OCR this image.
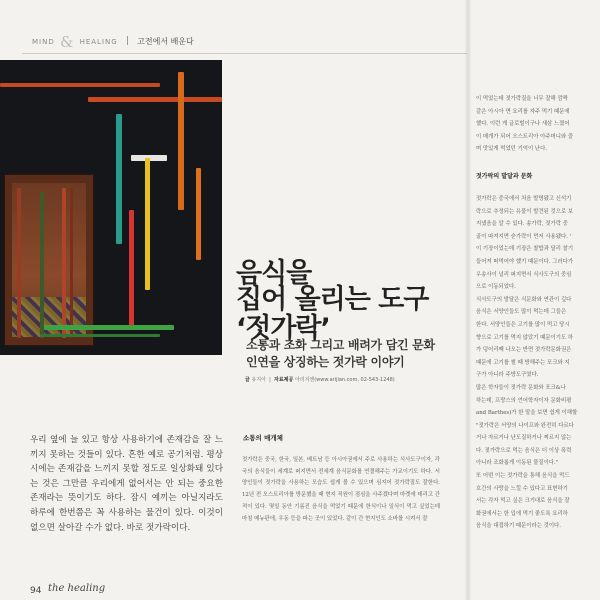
MIND & HEALING 고전에서 배운다
음식을
집어 올리는 도구
‘젓가락’
소통과 조화 그리고 배려가 담긴 문화
인연을 상징하는 젓가락 이야기
글 유지아  |  자료제공 아리지엔(www.arijian.com, 02-543-1248)

우리 옆에 늘 있고 항상 사용하기에 존재감을 잘 느끼지 못하는 것들이 있다. 흔한 예로 공기처럼. 평상시에는 존재감을 느끼지 못할 정도로 일상화돼 있다는 것은 그만큼 우리에게 없어서는 안 되는 중요한 존재라는 뜻이기도 하다. 잠시 예끼는 아닐지라도 하루에 한번쯤은 꼭 사용하는 물건이 있다. 이것이 없으면 살아갈 수가 없다. 바로 젓가락이다.

소통의 매개체

젓가락은 중국, 한국, 일본, 베트남 등 아시아권에서 주로 사용하는 식사도구이자, 각국의 음식들이 세계로 퍼지면서 전세계 음식문화를 연결해주는 가교이기도 하다. 서양인들이 젓가락을 사용하는 모습도 쉽게 볼 수 있으며 심지어 젓가락질도 잘한다. 12년 전 오스트리아를 방문했을 때 현지 직원이 점심을 사주겠다며 마켓에 데리고 간 적이 있다. 몇일 동안 기름진 음식을 먹었기 때문에 한식이나 일식이 먹고 싶었는데 마침 메뉴판에, 우동 등을 파는 곳이 있었다. 같이 간 현지인도 소바를 시켜서 잘

이 먹었는데 젓가락질을 너무 잘해 깜짝

같은 아시아 면 요리를 자주 먹기 때문에

했다. 이런 게 글로벌이구나 새삼 느꼈어

이 매개가 되어 오스트리아 아주머니와 즐

며 맛있게 먹었던 기억이 난다.

젓가락의 발달과 문화

젓가락은 중국에서 처음 발명됐고 신석기

락으로 추정되는 유물이 발견된 것으로 보

지냈음을 알 수 있다. 송가락, 젓가락 중

골이 따져지면 숟가락이 먼저 사용됐다. '

이 기장이었는데 기장은 찰밥과 달리 찰기

들어져 떠먹어야 했기 때문이다. 그러다가

우송사이 널리 퍼지면서 식사도구의 중심

으로 이동되었다.

식사도구의 발달은 식문화와 연관이 깊다

음식은 서양인들도 많이 먹는데 그들은

한다. 서양인들은 고기를 많이 먹고 당시

향으로 고기를 먹지 않았기 때문이기도 하

가 덩어리째 나오는 반면 젓가락문화권은

때문에 고기를 썰 때 방해주는 포크와 지

구가 아니라 주방도구였다.

많은 학자들이 젓가락 문화와 포크&나

하는데, 프랑스의 언어학자이자 문화비평

and Barthes)가 한 말을 보면 쉽게 이해할

"젓가락은 서양의 나이프와 완전히 다르다

거나 자르거나 난도질하거나 찌르지 않는

다. 젓가락으로 먹는 음식은 더 이상 폭력

아니라 조화롭게 이동된 물질이다."

또 어떤 이는 젓가락을 통해 음식을 먹드

호간의 사랑을 느낄 수 있다고 표현하기

서는 각자 먹고 싶은 크기대로 음식을 잘

화권에서는 한 입에 먹기 좋도록 요리하

음식을 대접하기 때문이라는 것이다.

94 the healing
